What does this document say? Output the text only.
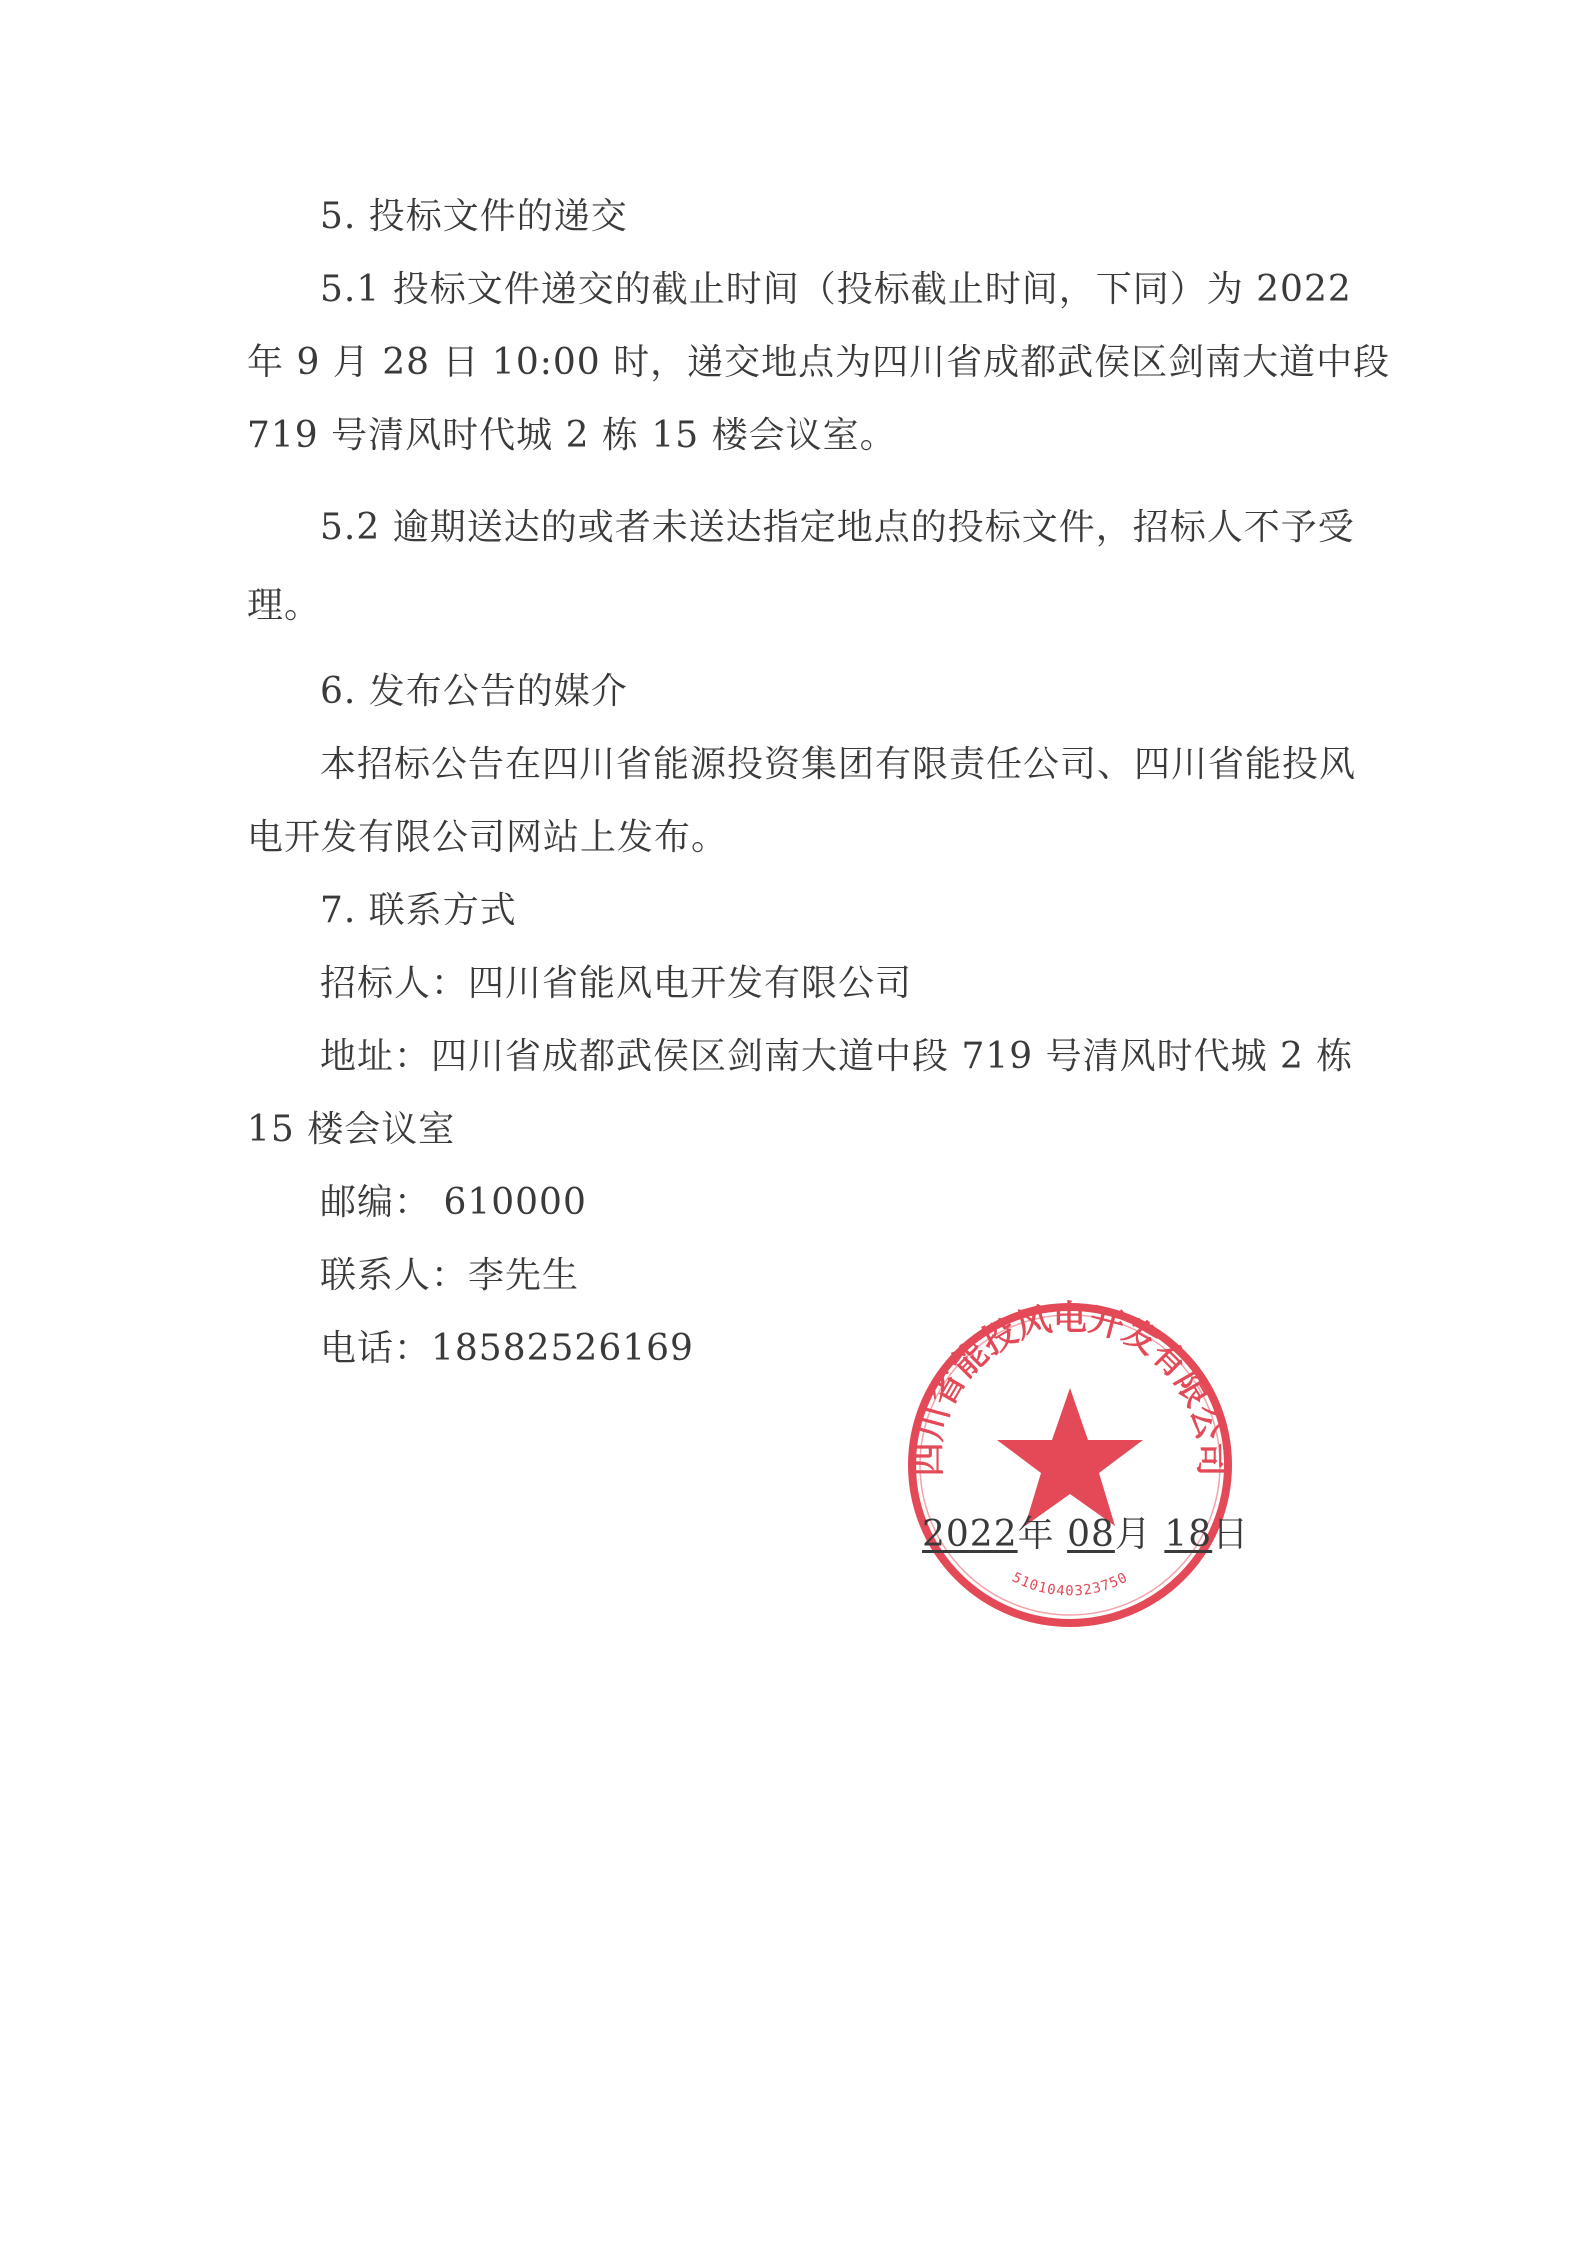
5. 投标文件的递交
5.1 投标文件递交的截止时间（投标截止时间，下同）为 2022
年 9 月 28 日 10:00 时，递交地点为四川省成都武侯区剑南大道中段
719 号清风时代城 2 栋 15 楼会议室。
5.2 逾期送达的或者未送达指定地点的投标文件，招标人不予受
理。
6. 发布公告的媒介
本招标公告在四川省能源投资集团有限责任公司、四川省能投风
电开发有限公司网站上发布。
7. 联系方式
招标人：四川省能风电开发有限公司
地址：四川省成都武侯区剑南大道中段 719 号清风时代城 2 栋
15 楼会议室
邮编： 610000
联系人：李先生
电话：18582526169
四川省能投风电开发有限公司
5101040323750
2022年 08月 18日
